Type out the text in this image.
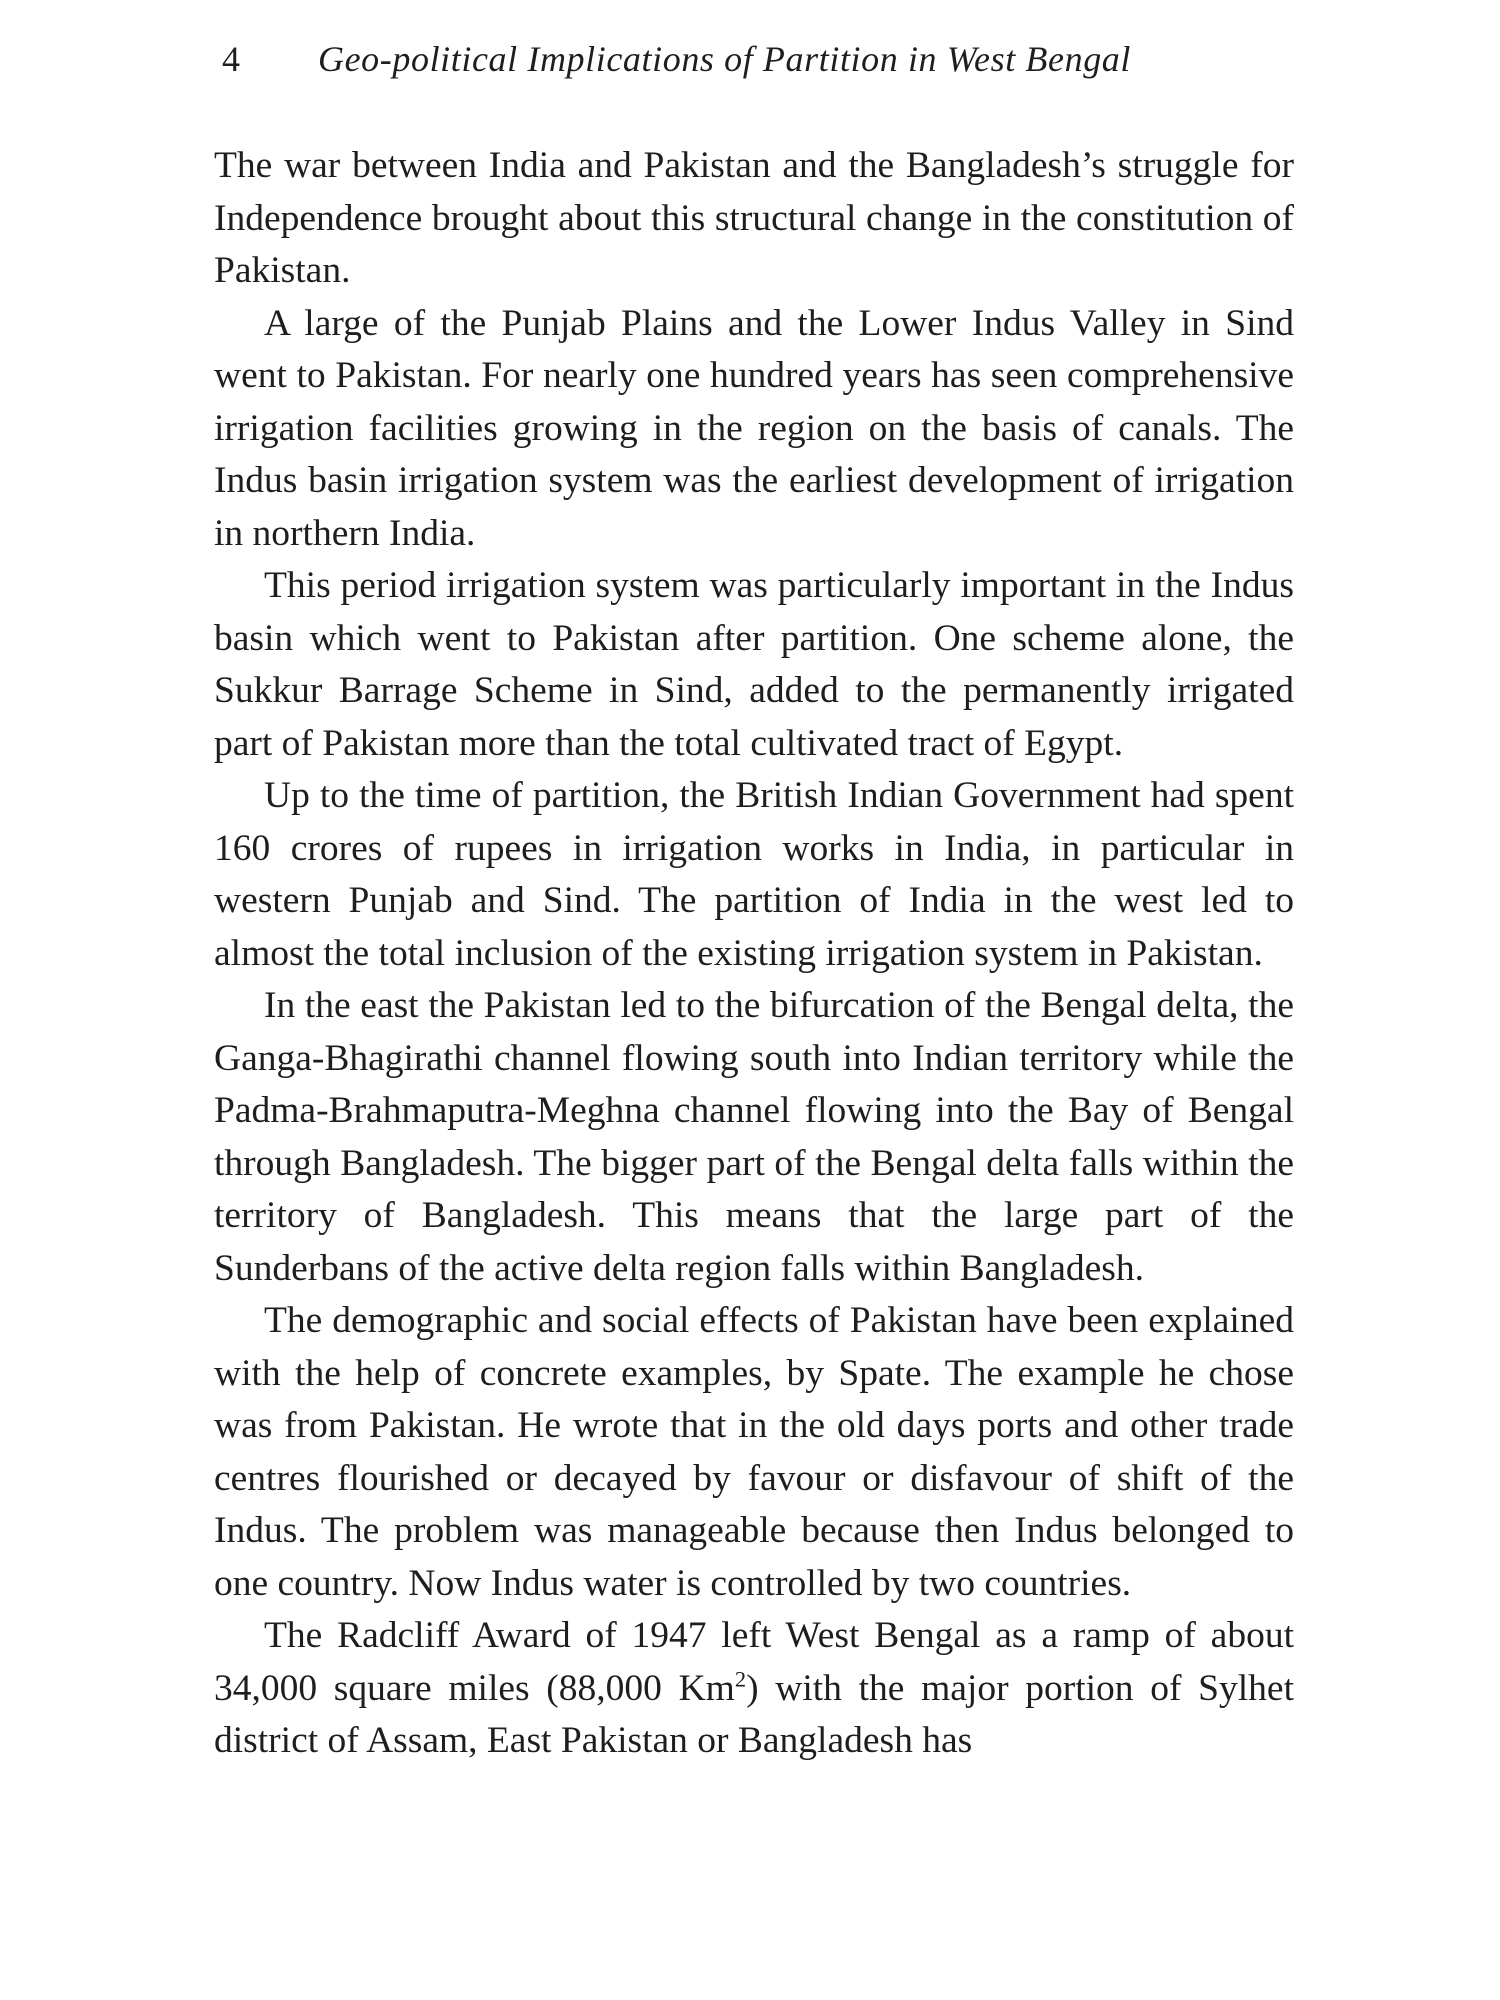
4 Geo-political Implications of Partition in West Bengal

The war between India and Pakistan and the Bangladesh’s struggle for Independence brought about this structural change in the constitution of Pakistan.

A large of the Punjab Plains and the Lower Indus Valley in Sind went to Pakistan. For nearly one hundred years has seen comprehensive irrigation facilities growing in the region on the basis of canals. The Indus basin irrigation system was the earliest development of irrigation in northern India.

This period irrigation system was particularly important in the Indus basin which went to Pakistan after partition. One scheme alone, the Sukkur Barrage Scheme in Sind, added to the permanently irrigated part of Pakistan more than the total cultivated tract of Egypt.

Up to the time of partition, the British Indian Government had spent 160 crores of rupees in irrigation works in India, in particular in western Punjab and Sind. The partition of India in the west led to almost the total inclusion of the existing irrigation system in Pakistan.

In the east the Pakistan led to the bifurcation of the Bengal delta, the Ganga-Bhagirathi channel flowing south into Indian territory while the Padma-Brahmaputra-Meghna channel flowing into the Bay of Bengal through Bangladesh. The bigger part of the Bengal delta falls within the territory of Bangladesh. This means that the large part of the Sunderbans of the active delta region falls within Bangladesh.

The demographic and social effects of Pakistan have been explained with the help of concrete examples, by Spate. The example he chose was from Pakistan. He wrote that in the old days ports and other trade centres flourished or decayed by favour or disfavour of shift of the Indus. The problem was manageable because then Indus belonged to one country. Now Indus water is controlled by two countries.

The Radcliff Award of 1947 left West Bengal as a ramp of about 34,000 square miles (88,000 Km$^2$) with the major portion of Sylhet district of Assam, East Pakistan or Bangladesh has
